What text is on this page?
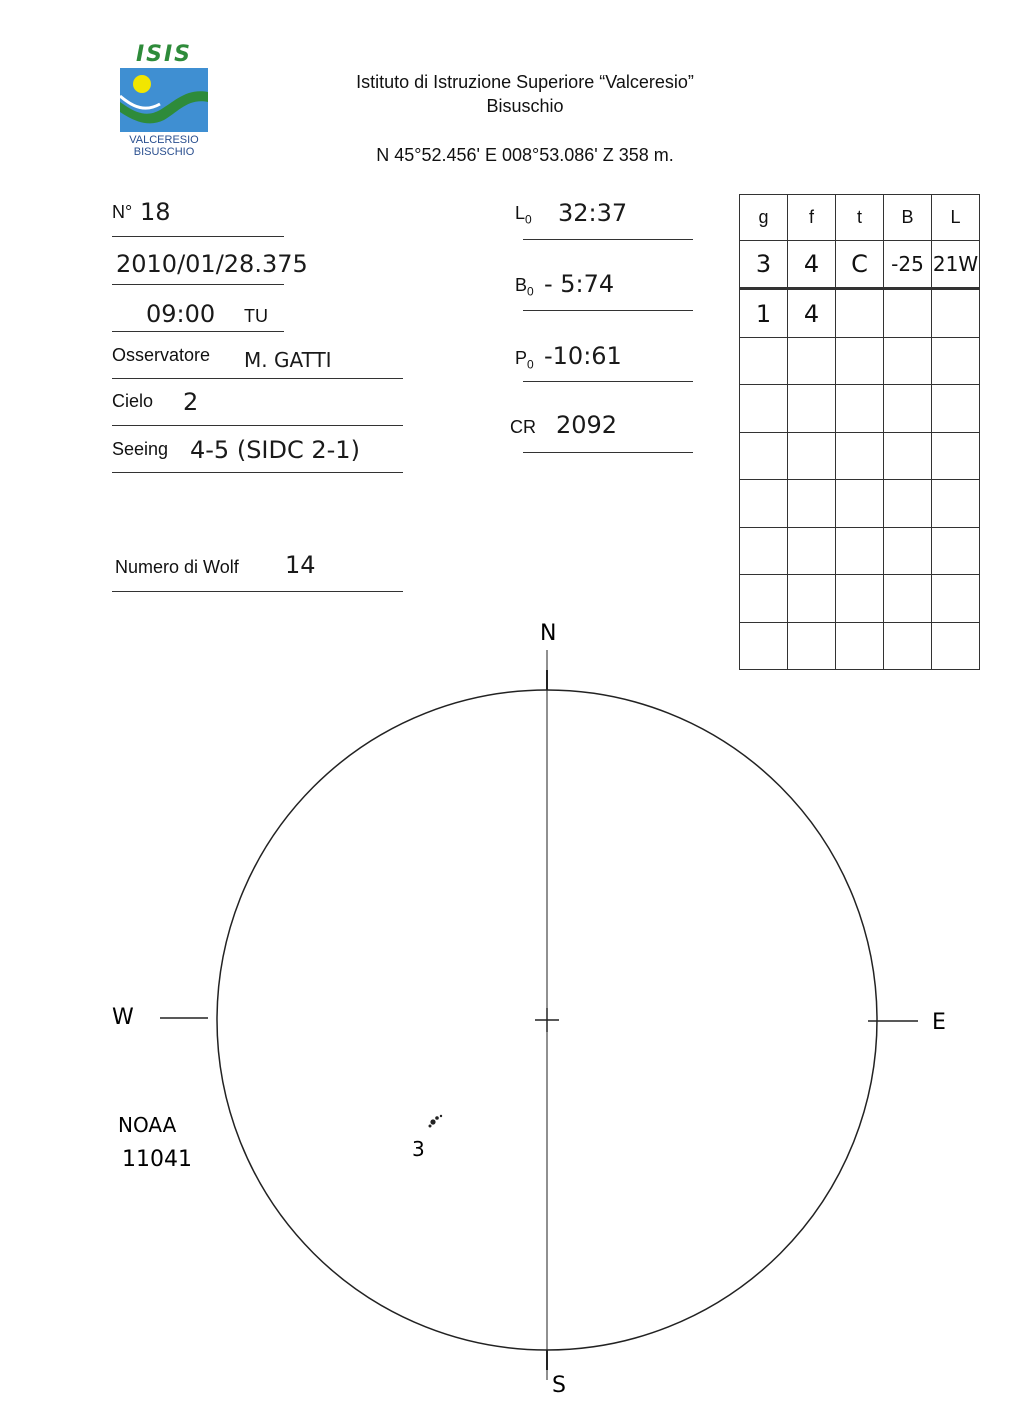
ISIS
VALCERESIO
BISUSCHIO
Istituto di Istruzione Superiore “Valceresio”
Bisuschio
N 45°52.456' E 008°53.086' Z 358 m.
N° 18
2010/01/28.375
09:00 TU
Osservatore M. GATTI
Cielo 2
Seeing 4-5 (SIDC 2-1)
Numero di Wolf 14
$L_0$ 32:37
$B_0$ - 5:74
$P_0$ -10:61
CR 2092
g	f	t	B	L
3	4	C	-25	21W
1	4			

N
S
E
W
3
NOAA
11041
